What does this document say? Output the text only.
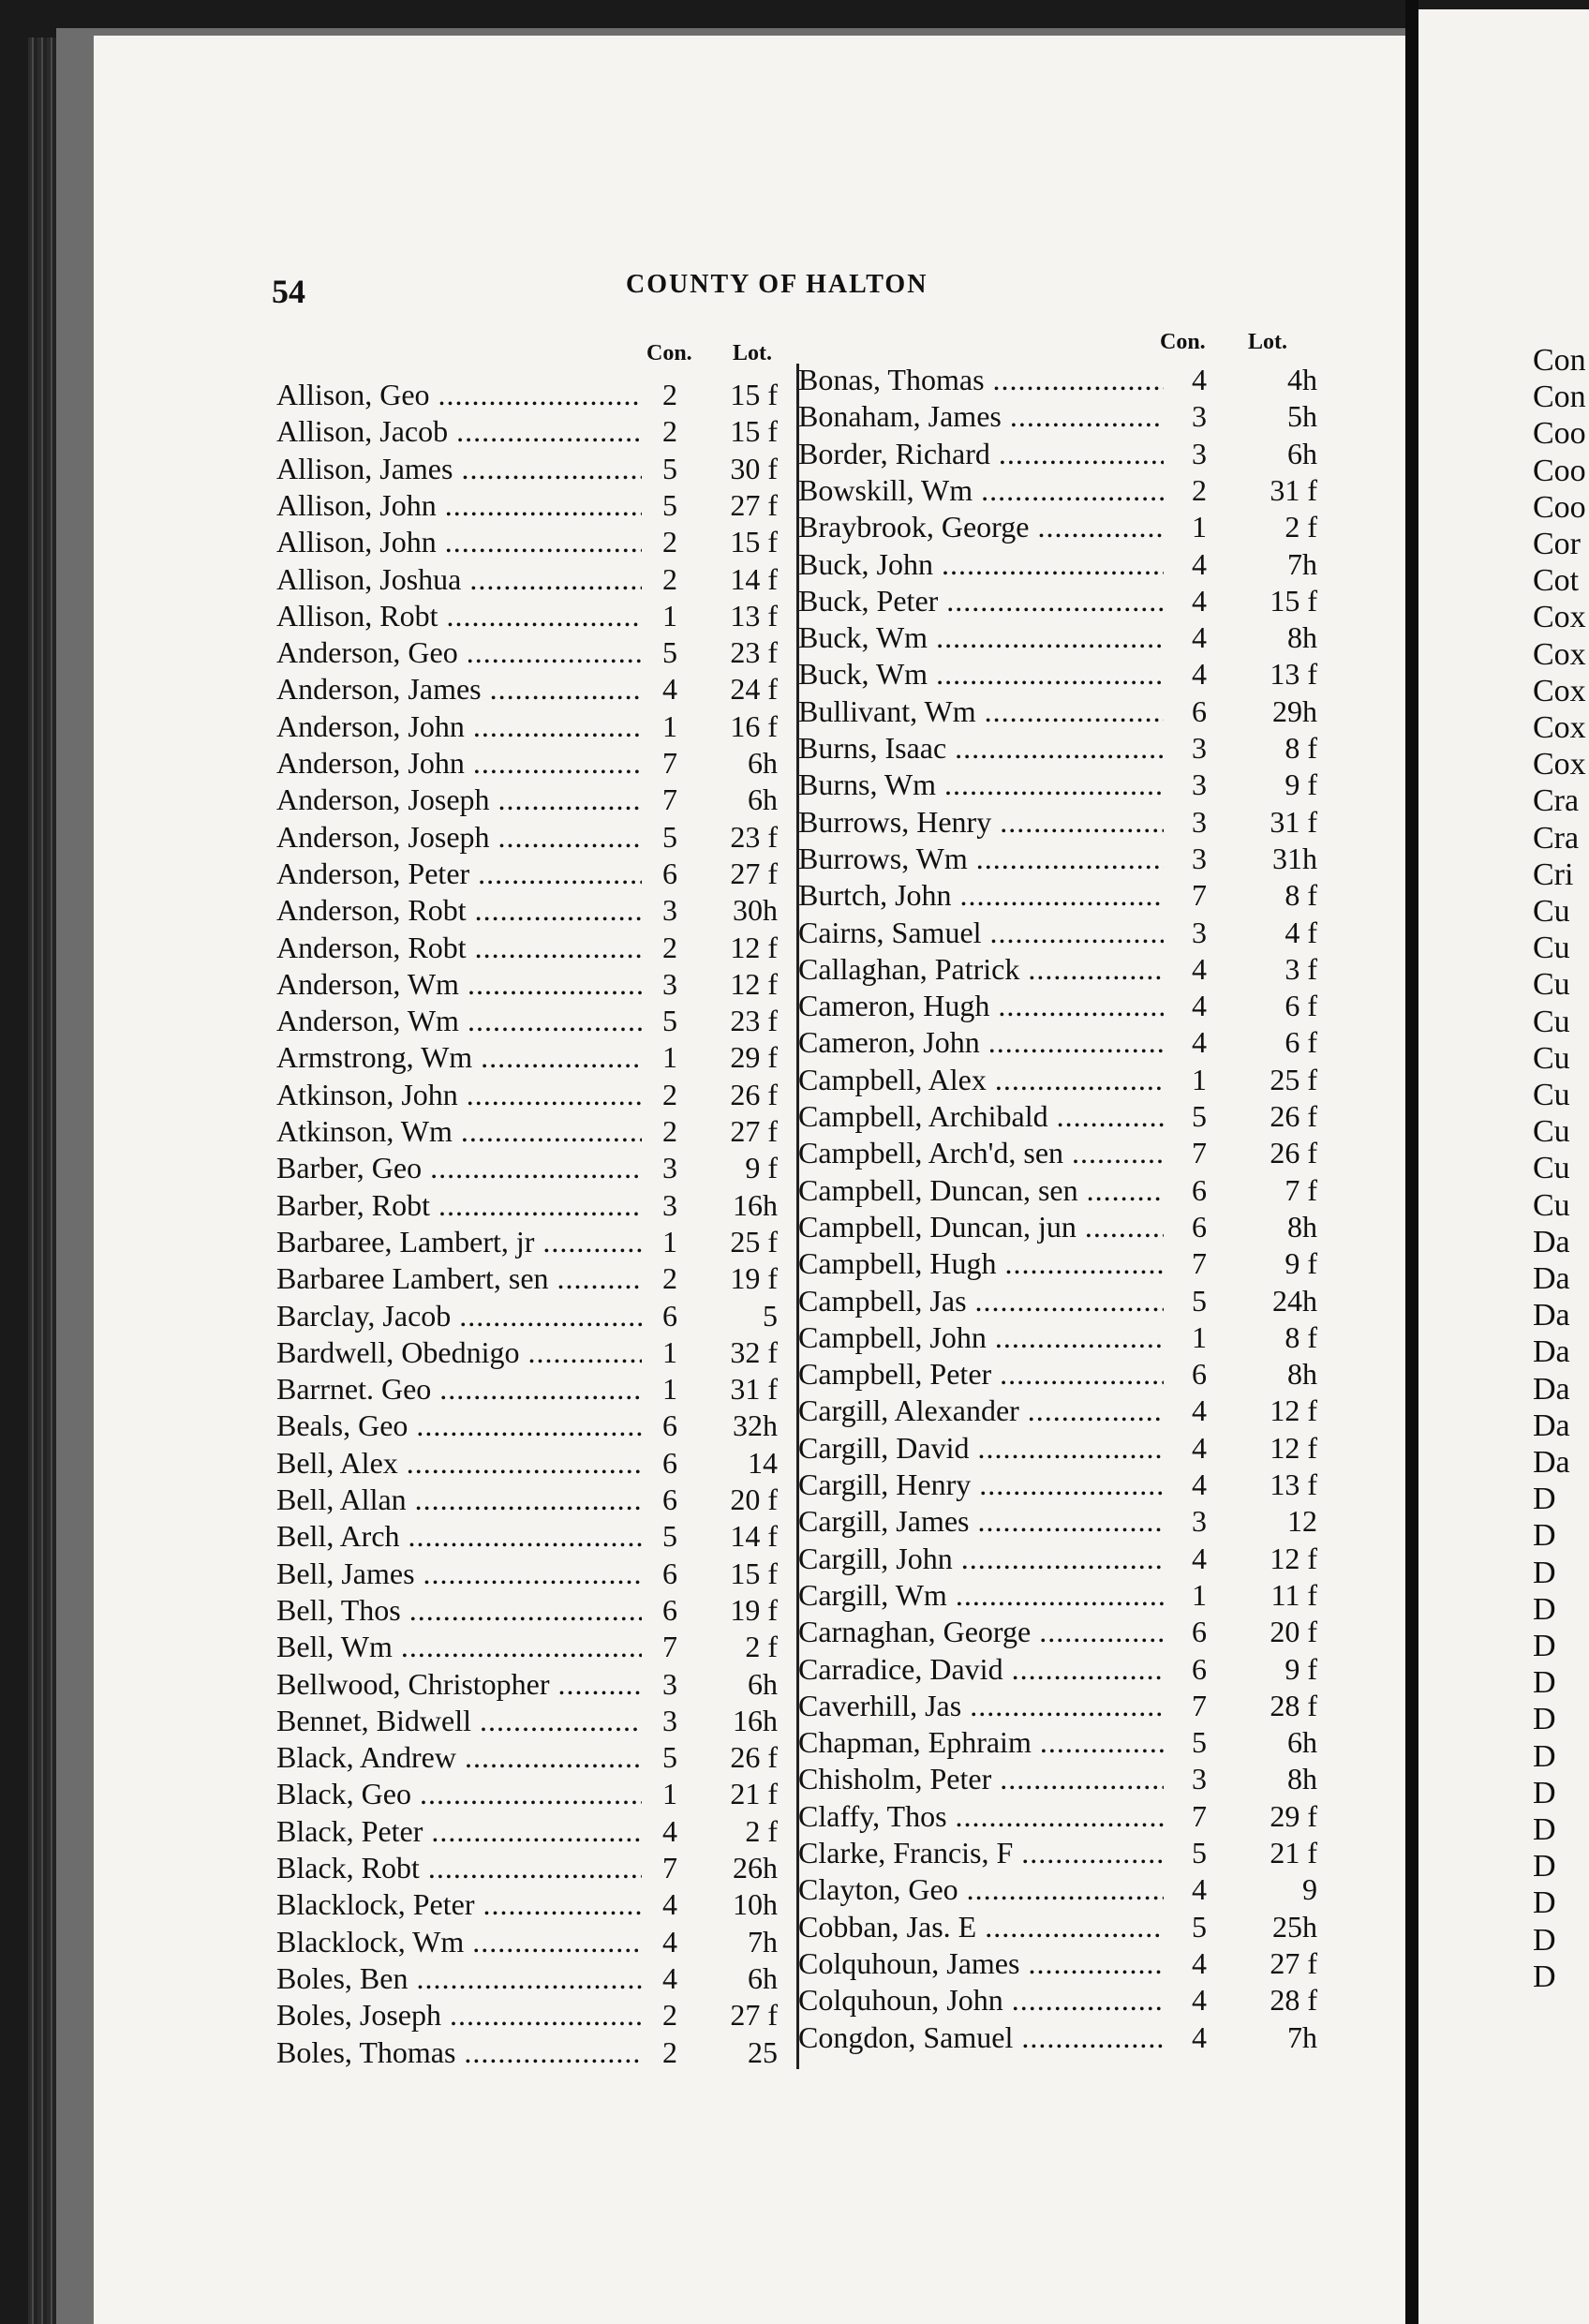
54	COUNTY OF HALTON
Con. Lot.	Con. Lot.
Allison, Geo .....	2	15 f
Allison, Jacob .....	2	15 f
Allison, James .....	5	30 f
Allison, John .....	5	27 f
Allison, John .....	2	15 f
Allison, Joshua .....	2	14 f
Allison, Robt .....	1	13 f
Anderson, Geo .....	5	23 f
Anderson, James .....	4	24 f
Anderson, John .....	1	16 f
Anderson, John .....	7	6h
Anderson, Joseph .....	7	6h
Anderson, Joseph .....	5	23 f
Anderson, Peter .....	6	27 f
Anderson, Robt .....	3	30h
Anderson, Robt .....	2	12 f
Anderson, Wm .....	3	12 f
Anderson, Wm .....	5	23 f
Armstrong, Wm .....	1	29 f
Atkinson, John .....	2	26 f
Atkinson, Wm .....	2	27 f
Barber, Geo .....	3	9 f
Barber, Robt .....	3	16h
Barbaree, Lambert, jr .....	1	25 f
Barbaree Lambert, sen .....	2	19 f
Barclay, Jacob .....	6	5
Bardwell, Obednigo .....	1	32 f
Barrnet. Geo .....	1	31 f
Beals, Geo .....	6	32h
Bell, Alex .....	6	14
Bell, Allan .....	6	20 f
Bell, Arch .....	5	14 f
Bell, James .....	6	15 f
Bell, Thos .....	6	19 f
Bell, Wm .....	7	2 f
Bellwood, Christopher .....	3	6h
Bennet, Bidwell .....	3	16h
Black, Andrew .....	5	26 f
Black, Geo .....	1	21 f
Black, Peter .....	4	2 f
Black, Robt .....	7	26h
Blacklock, Peter .....	4	10h
Blacklock, Wm .....	4	7h
Boles, Ben .....	4	6h
Boles, Joseph .....	2	27 f
Boles, Thomas .....	2	25
Bonas, Thomas .....	4	4h
Bonaham, James .....	3	5h
Border, Richard .....	3	6h
Bowskill, Wm .....	2	31 f
Braybrook, George .....	1	2 f
Buck, John .....	4	7h
Buck, Peter .....	4	15 f
Buck, Wm .....	4	8h
Buck, Wm .....	4	13 f
Bullivant, Wm .....	6	29h
Burns, Isaac .....	3	8 f
Burns, Wm .....	3	9 f
Burrows, Henry .....	3	31 f
Burrows, Wm .....	3	31h
Burtch, John .....	7	8 f
Cairns, Samuel .....	3	4 f
Callaghan, Patrick .....	4	3 f
Cameron, Hugh .....	4	6 f
Cameron, John .....	4	6 f
Campbell, Alex .....	1	25 f
Campbell, Archibald .....	5	26 f
Campbell, Arch'd, sen .....	7	26 f
Campbell, Duncan, sen .....	6	7 f
Campbell, Duncan, jun .....	6	8h
Campbell, Hugh .....	7	9 f
Campbell, Jas .....	5	24h
Campbell, John .....	1	8 f
Campbell, Peter .....	6	8h
Cargill, Alexander .....	4	12 f
Cargill, David .....	4	12 f
Cargill, Henry .....	4	13 f
Cargill, James .....	3	12
Cargill, John .....	4	12 f
Cargill, Wm .....	1	11 f
Carnaghan, George .....	6	20 f
Carradice, David .....	6	9 f
Caverhill, Jas .....	7	28 f
Chapman, Ephraim .....	5	6h
Chisholm, Peter .....	3	8h
Claffy, Thos .....	7	29 f
Clarke, Francis, F .....	5	21 f
Clayton, Geo .....	4	9
Cobban, Jas. E .....	5	25h
Colquhoun, James .....	4	27 f
Colquhoun, John .....	4	28 f
Congdon, Samuel .....	4	7h
Con
Con
Coo
Coo
Coo
Cor
Cot
Cox
Cox
Cox
Cox
Cox
Cra
Cra
Cri
Cu
Cu
Cu
Cu
Cu
Cu
Cu
Cu
Cu
Da
Da
Da
Da
Da
Da
Da
D
D
D
D
D
D
D
D
D
D
D
D
D
D
